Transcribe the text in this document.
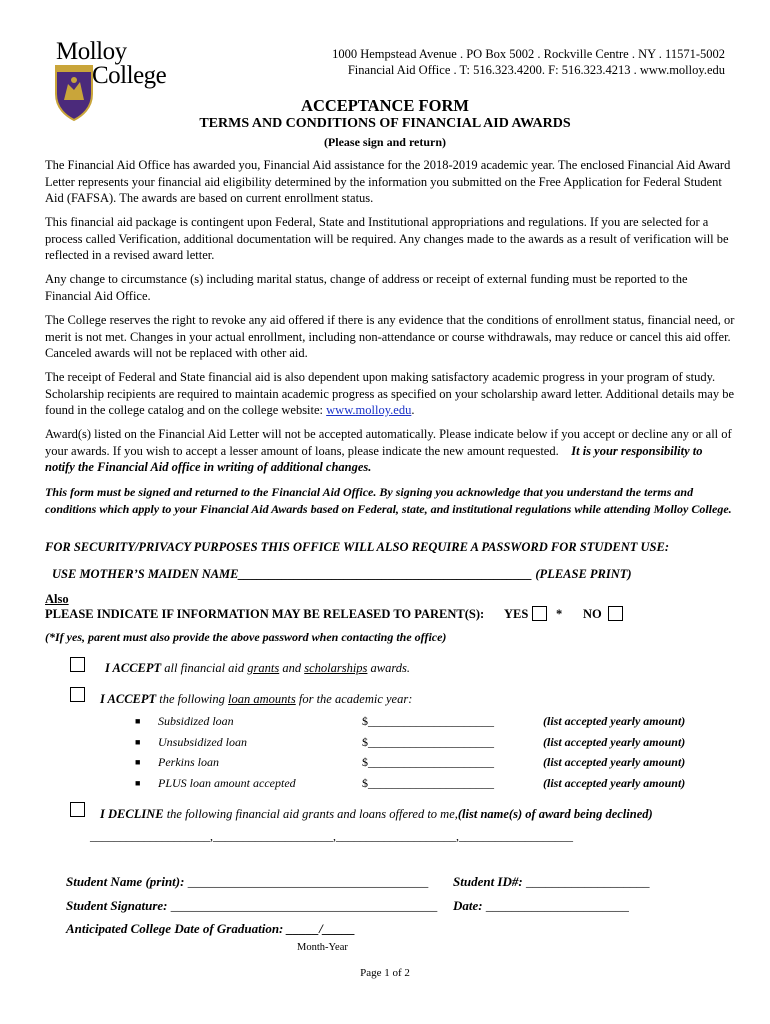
Molloy
College
1000 Hempstead Avenue . PO Box 5002 . Rockville Centre . NY . 11571-5002
Financial Aid Office . T: 516.323.4200. F: 516.323.4213 . www.molloy.edu
ACCEPTANCE FORM
TERMS AND CONDITIONS OF FINANCIAL AID AWARDS
(Please sign and return)

The Financial Aid Office has awarded you, Financial Aid assistance for the 2018-2019 academic year. The enclosed Financial Aid Award Letter represents your financial aid eligibility determined by the information you submitted on the Free Application for Federal Student Aid (FAFSA). The awards are based on current enrollment status.

This financial aid package is contingent upon Federal, State and Institutional appropriations and regulations. If you are selected for a process called Verification, additional documentation will be required. Any changes made to the awards as a result of verification will be reflected in a revised award letter.

Any change to circumstance (s) including marital status, change of address or receipt of external funding must be reported to the Financial Aid Office.

The College reserves the right to revoke any aid offered if there is any evidence that the conditions of enrollment status, financial need, or merit is not met. Changes in your actual enrollment, including non-attendance or course withdrawals, may reduce or cancel this aid offer. Canceled awards will not be replaced with other aid.

The receipt of Federal and State financial aid is also dependent upon making satisfactory academic progress in your program of study. Scholarship recipients are required to maintain academic progress as specified on your scholarship award letter. Additional details may be found in the college catalog and on the college website: www.molloy.edu.

Award(s) listed on the Financial Aid Letter will not be accepted automatically. Please indicate below if you accept or decline any or all of your awards. If you wish to accept a lesser amount of loans, please indicate the new amount requested. It is your responsibility to notify the Financial Aid office in writing of additional changes.

This form must be signed and returned to the Financial Aid Office. By signing you acknowledge that you understand the terms and conditions which apply to your Financial Aid Awards based on Federal, state, and institutional regulations while attending Molloy College.

FOR SECURITY/PRIVACY PURPOSES THIS OFFICE WILL ALSO REQUIRE A PASSWORD FOR STUDENT USE:
USE MOTHER’S MAIDEN NAME_______________________________________________ (PLEASE PRINT)
Also
PLEASE INDICATE IF INFORMATION MAY BE RELEASED TO PARENT(S): YES * NO
(*If yes, parent must also provide the above password when contacting the office)
I ACCEPT all financial aid grants and scholarships awards.
I ACCEPT the following loan amounts for the academic year:
■ Subsidized loan	$_____________________	(list accepted yearly amount)
■ Unsubsidized loan	$_____________________	(list accepted yearly amount)
■ Perkins loan	$_____________________	(list accepted yearly amount)
■ PLUS loan amount accepted	$_____________________	(list accepted yearly amount)
I DECLINE the following financial aid grants and loans offered to me,(list name(s) of award being declined)
____________________,____________________,____________________,___________________
Student Name (print): _____________________________________ Student ID#: ___________________
Student Signature: _________________________________________ Date: ______________________
Anticipated College Date of Graduation: _____/_____
Month-Year
Page 1 of 2
